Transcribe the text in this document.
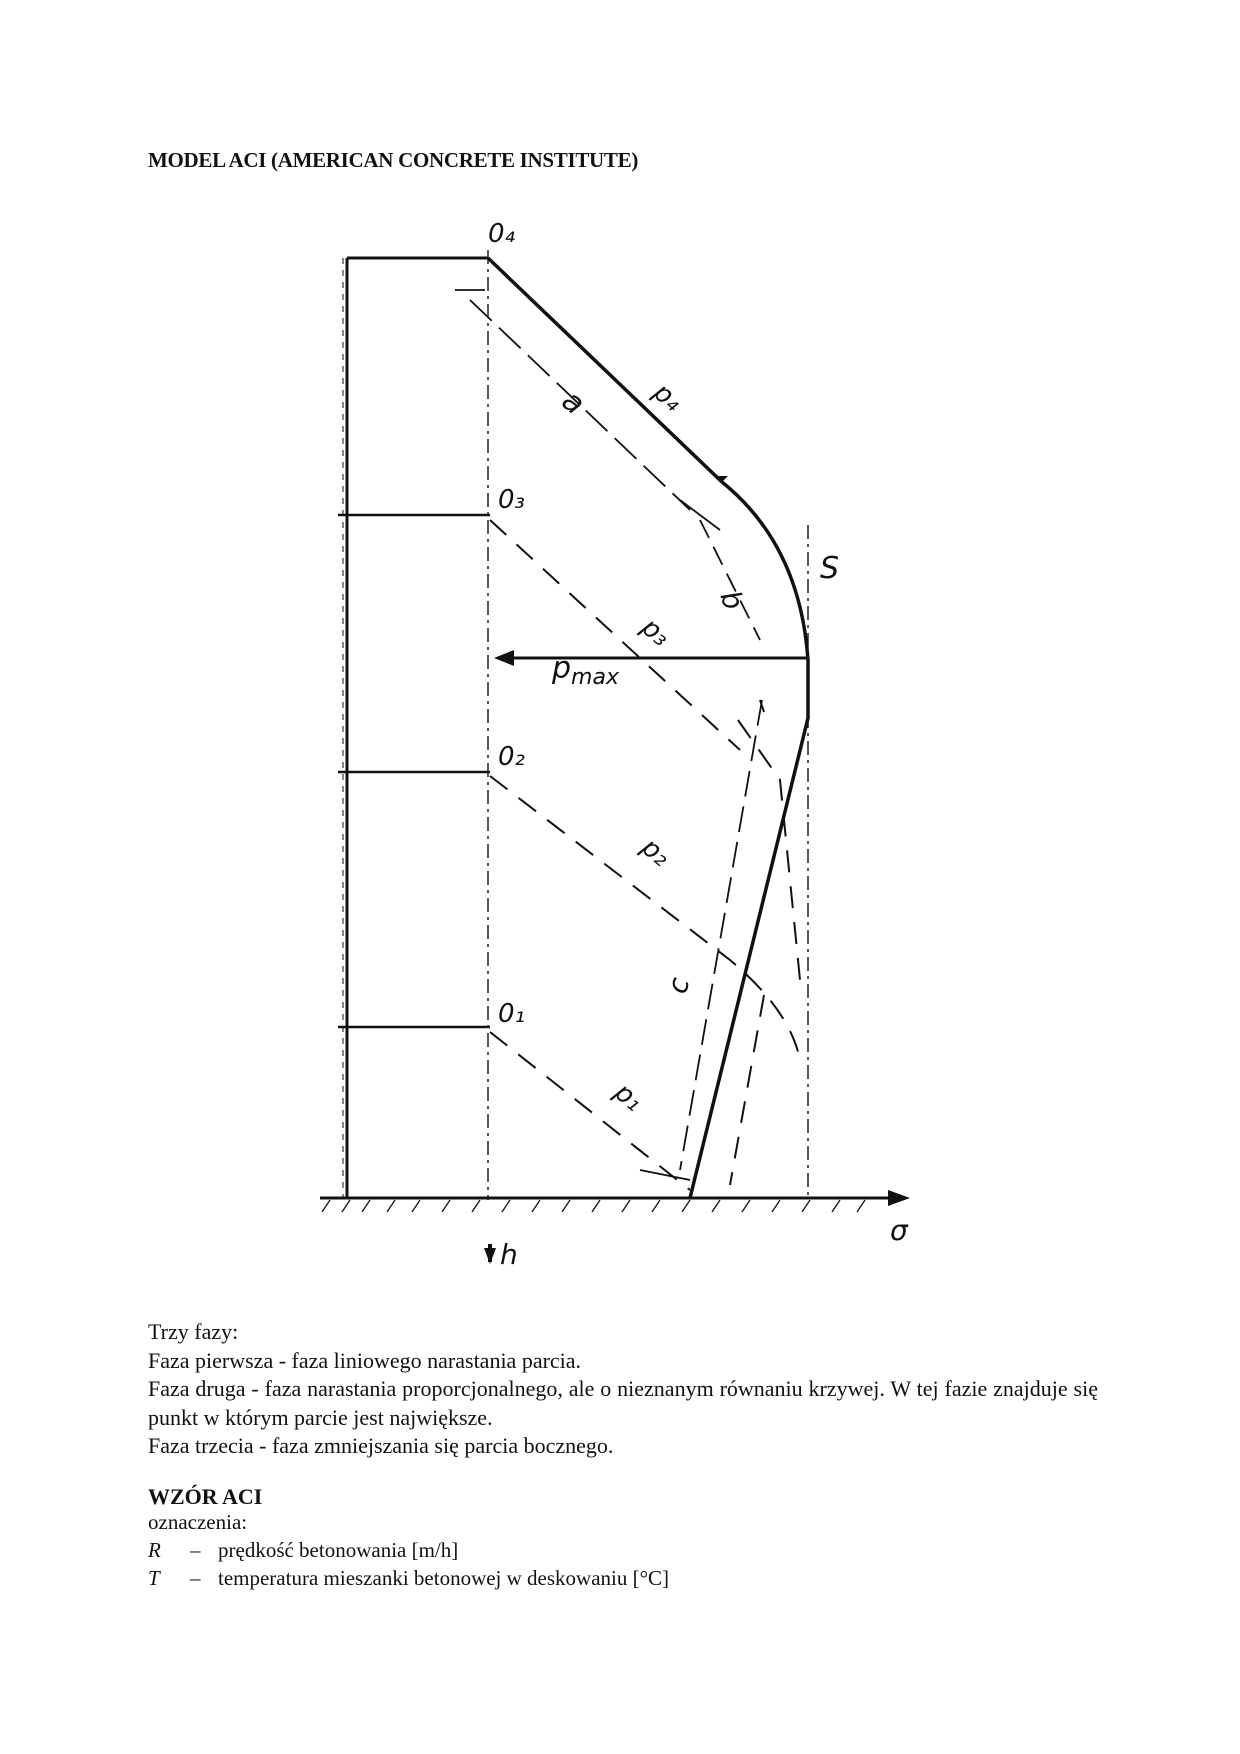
MODEL ACI (AMERICAN CONCRETE INSTITUTE)
0₄
0₃
0₂
0₁
p₄
p₃
p₂
p₁
$p_{max}$
a
b
c
S
σ
h

Trzy fazy:

Faza pierwsza - faza liniowego narastania parcia.

Faza druga - faza narastania proporcjonalnego, ale o nieznanym równaniu krzywej. W tej fazie znajduje się punkt w którym parcie jest największe.

Faza trzecia - faza zmniejszania się parcia bocznego.

WZÓR ACI
oznaczenia:
R – prędkość betonowania [m/h]
T – temperatura mieszanki betonowej w deskowaniu [°C]
